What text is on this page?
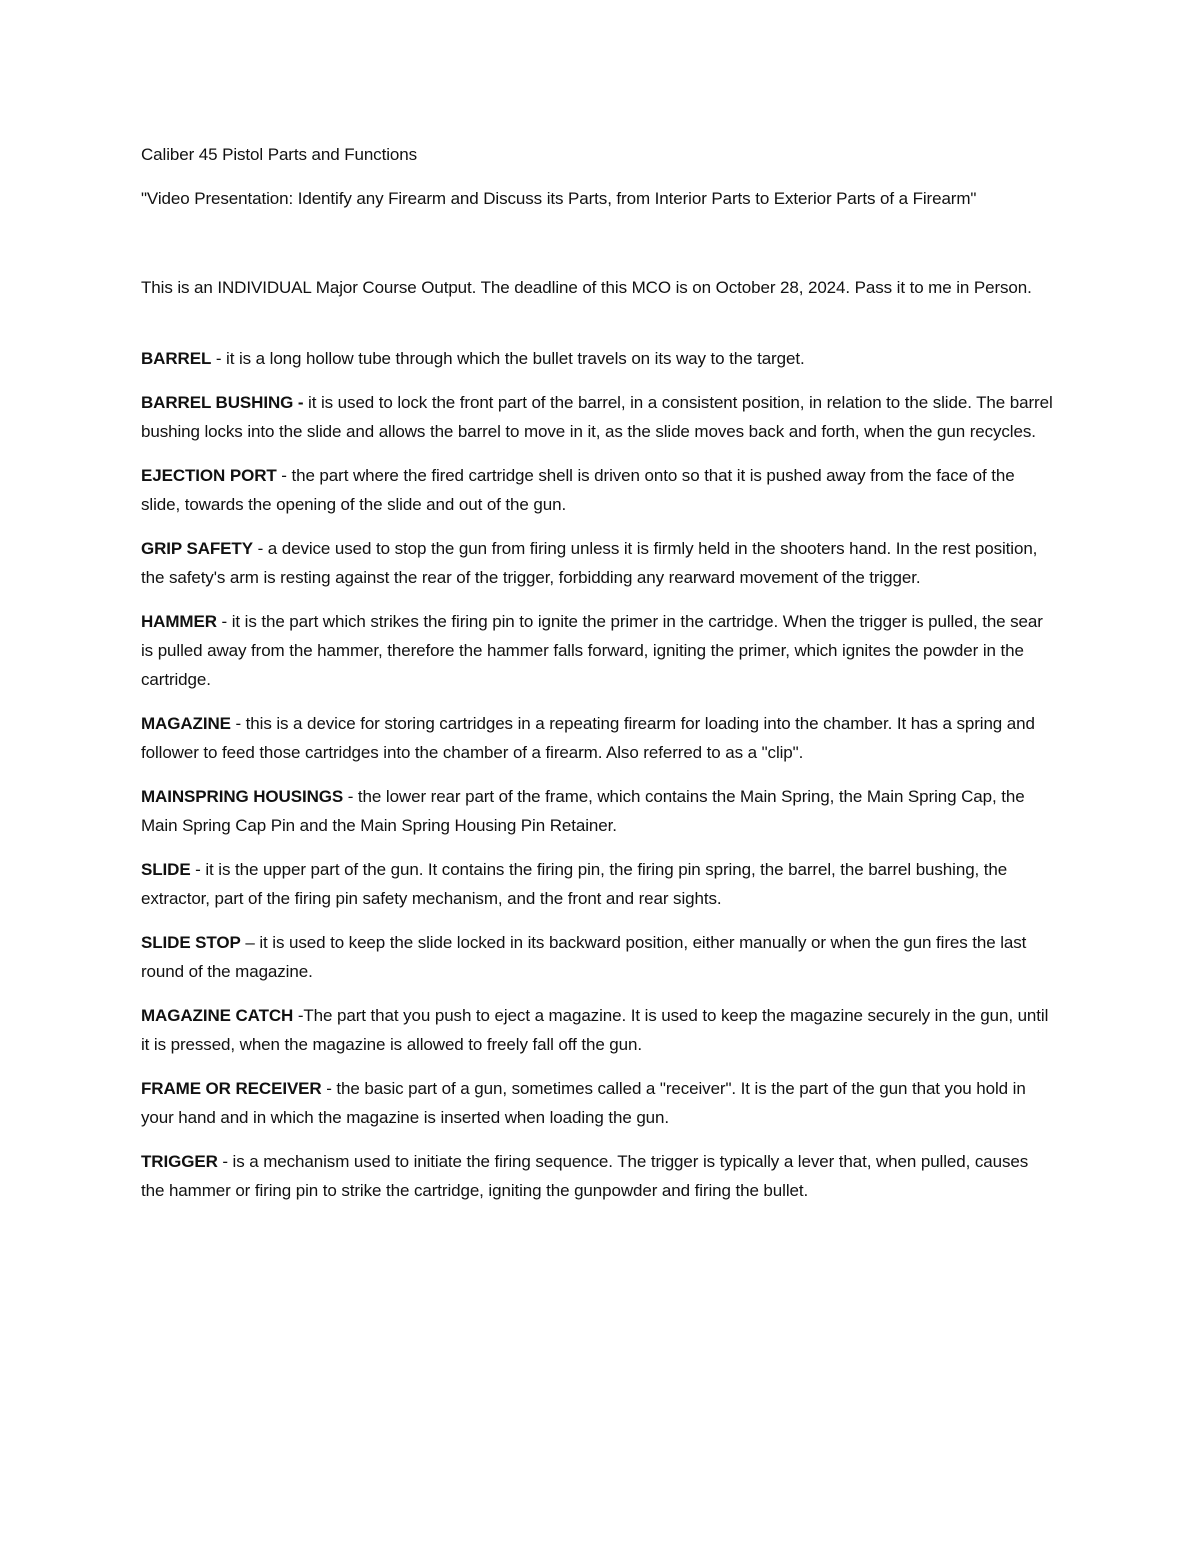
Caliber 45 Pistol Parts and Functions

"Video Presentation: Identify any Firearm and Discuss its Parts, from Interior Parts to Exterior Parts of a Firearm"

This is an INDIVIDUAL Major Course Output. The deadline of this MCO is on October 28, 2024. Pass it to me in Person.

BARREL - it is a long hollow tube through which the bullet travels on its way to the target.

BARREL BUSHING - it is used to lock the front part of the barrel, in a consistent position, in relation to the slide. The barrel bushing locks into the slide and allows the barrel to move in it, as the slide moves back and forth, when the gun recycles.

EJECTION PORT - the part where the fired cartridge shell is driven onto so that it is pushed away from the face of the slide, towards the opening of the slide and out of the gun.

GRIP SAFETY - a device used to stop the gun from firing unless it is firmly held in the shooters hand. In the rest position, the safety's arm is resting against the rear of the trigger, forbidding any rearward movement of the trigger.

HAMMER - it is the part which strikes the firing pin to ignite the primer in the cartridge. When the trigger is pulled, the sear is pulled away from the hammer, therefore the hammer falls forward, igniting the primer, which ignites the powder in the cartridge.

MAGAZINE - this is a device for storing cartridges in a repeating firearm for loading into the chamber. It has a spring and follower to feed those cartridges into the chamber of a firearm. Also referred to as a "clip".

MAINSPRING HOUSINGS - the lower rear part of the frame, which contains the Main Spring, the Main Spring Cap, the Main Spring Cap Pin and the Main Spring Housing Pin Retainer.

SLIDE - it is the upper part of the gun. It contains the firing pin, the firing pin spring, the barrel, the barrel bushing, the extractor, part of the firing pin safety mechanism, and the front and rear sights.

SLIDE STOP – it is used to keep the slide locked in its backward position, either manually or when the gun fires the last round of the magazine.

MAGAZINE CATCH -The part that you push to eject a magazine. It is used to keep the magazine securely in the gun, until it is pressed, when the magazine is allowed to freely fall off the gun.

FRAME OR RECEIVER - the basic part of a gun, sometimes called a "receiver". It is the part of the gun that you hold in your hand and in which the magazine is inserted when loading the gun.

TRIGGER - is a mechanism used to initiate the firing sequence. The trigger is typically a lever that, when pulled, causes the hammer or firing pin to strike the cartridge, igniting the gunpowder and firing the bullet.
